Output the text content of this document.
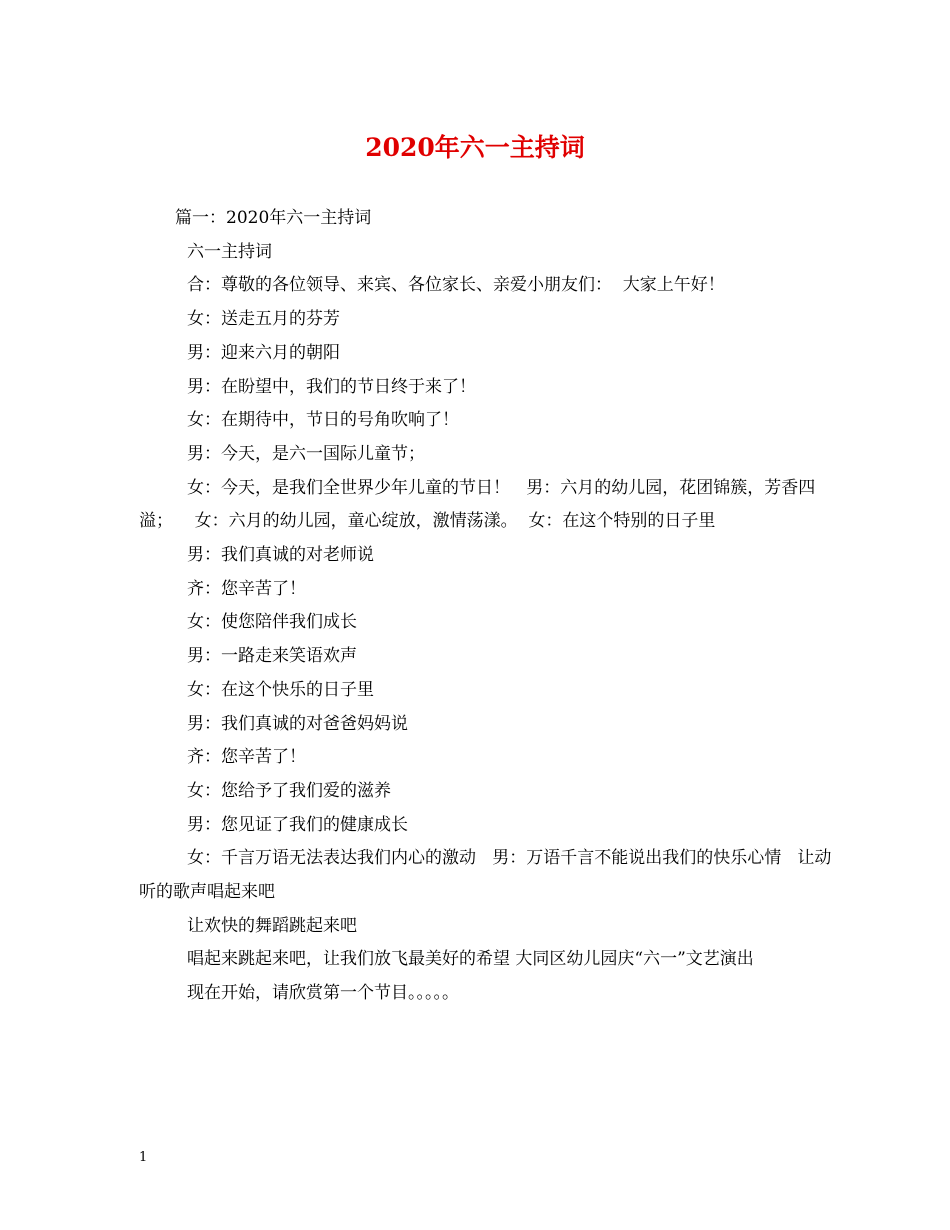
2020年六一主持词

篇一：2020年六一主持词

六一主持词

合：尊敬的各位领导、来宾、各位家长、亲爱小朋友们：  大家上午好！

女：送走五月的芬芳

男：迎来六月的朝阳

男：在盼望中，我们的节日终于来了！

女：在期待中，节日的号角吹响了！

男：今天，是六一国际儿童节；

女：今天，是我们全世界少年儿童的节日！   男：六月的幼儿园，花团锦簇，芳香四溢；    女：六月的幼儿园，童心绽放，激情荡漾。  女：在这个特别的日子里

男：我们真诚的对老师说

齐：您辛苦了！

女：使您陪伴我们成长

男：一路走来笑语欢声

女：在这个快乐的日子里

男：我们真诚的对爸爸妈妈说

齐：您辛苦了！

女：您给予了我们爱的滋养

男：您见证了我们的健康成长

女：千言万语无法表达我们内心的激动   男：万语千言不能说出我们的快乐心情   让动听的歌声唱起来吧

让欢快的舞蹈跳起来吧

唱起来跳起来吧，让我们放飞最美好的希望 大同区幼儿园庆“六一”文艺演出

现在开始，请欣赏第一个节目。。。。。

1
